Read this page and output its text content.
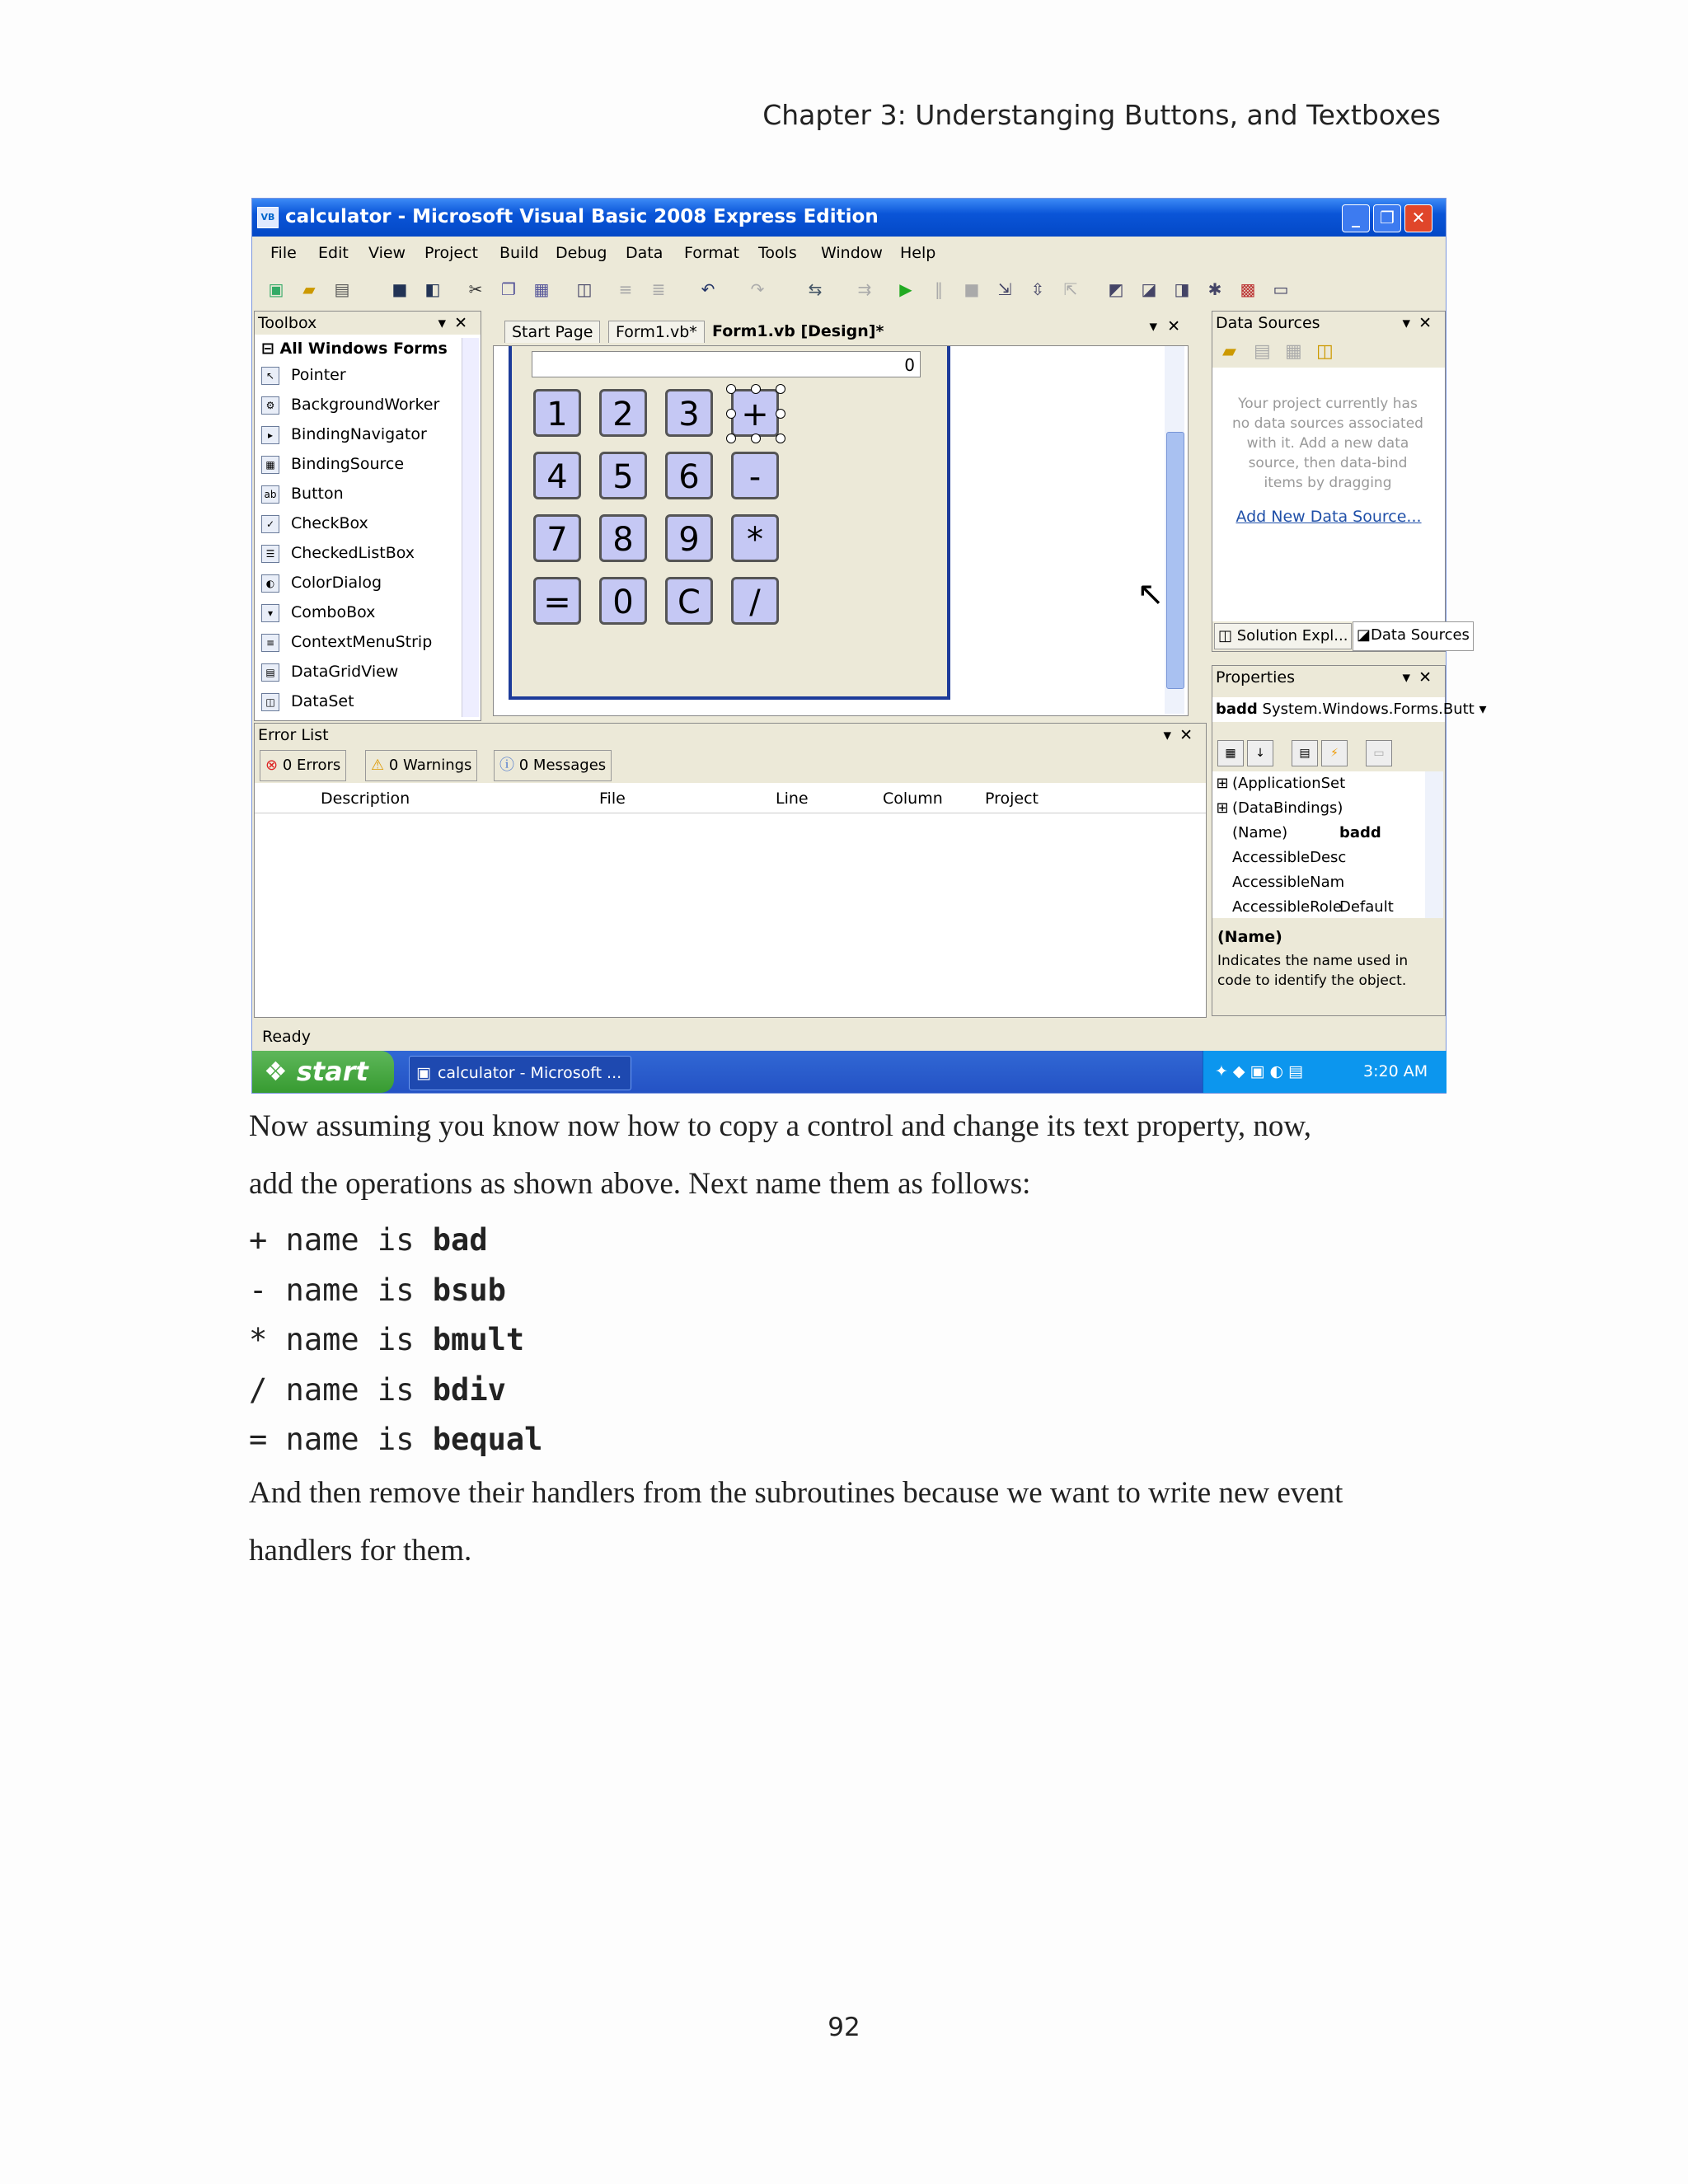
Chapter 3: Understanging Buttons, and Textboxes
VB calculator - Microsoft Visual Basic 2008 Express Edition	_	❐	✕
File Edit View Project Build Debug Data Format Tools Window Help
▣ ▰ ▤	■ ◧ ✂ ❐ ▦ ◫ ≡ ≣ ↶ ↷	⇆ ⇉ ▶	‖	■ ⇲ ⇳ ⇱ ◩ ◪ ◨ ✱ ▩ ▭
Toolbox	▾✕
⊟ All Windows Forms
↖ Pointer
⚙ BackgroundWorker
▸ BindingNavigator
▦ BindingSource
ab Button
✓ CheckBox
☰ CheckedListBox
◐ ColorDialog
▾ ComboBox
≡ ContextMenuStrip
▤ DataGridView
◫ DataSet
Start Page	Form1.vb* Form1.vb [Design]*	▾✕
0
1	2	3	+
4	5	6	-
7	8	9	*
=	0	C	/	↖
Data Sources	▾✕
▰ ▤ ▦ ◫
Your project currently has no data sources associated with it. Add a new data source, then data-bind items by dragging
Add New Data Source...
◫ Solution Expl... ◪Data Sources
Properties	▾✕
badd System.Windows.Forms.Butt ▾
▦	↓	▤	⚡	▭
⊞ (ApplicationSet
⊞ (DataBindings)
(Name)	badd
AccessibleDesc
AccessibleNam
AccessibleRoleDefault
(Name)
Indicates the name used in code to identify the object.
Error List	▾✕
⊗ 0 Errors	⚠ 0 Warnings	ⓘ 0 Messages
Description	File	Line	Column	Project
Ready
❖ start	▣ calculator - Microsoft ...	✦◆▣◐▤	3:20 AM
Now assuming you know now how to copy a control and change its text property, now,
add the operations as shown above. Next name them as follows:
+ name is bad
- name is bsub
* name is bmult
/ name is bdiv
= name is bequal
And then remove their handlers from the subroutines because we want to write new event
handlers for them.
92
